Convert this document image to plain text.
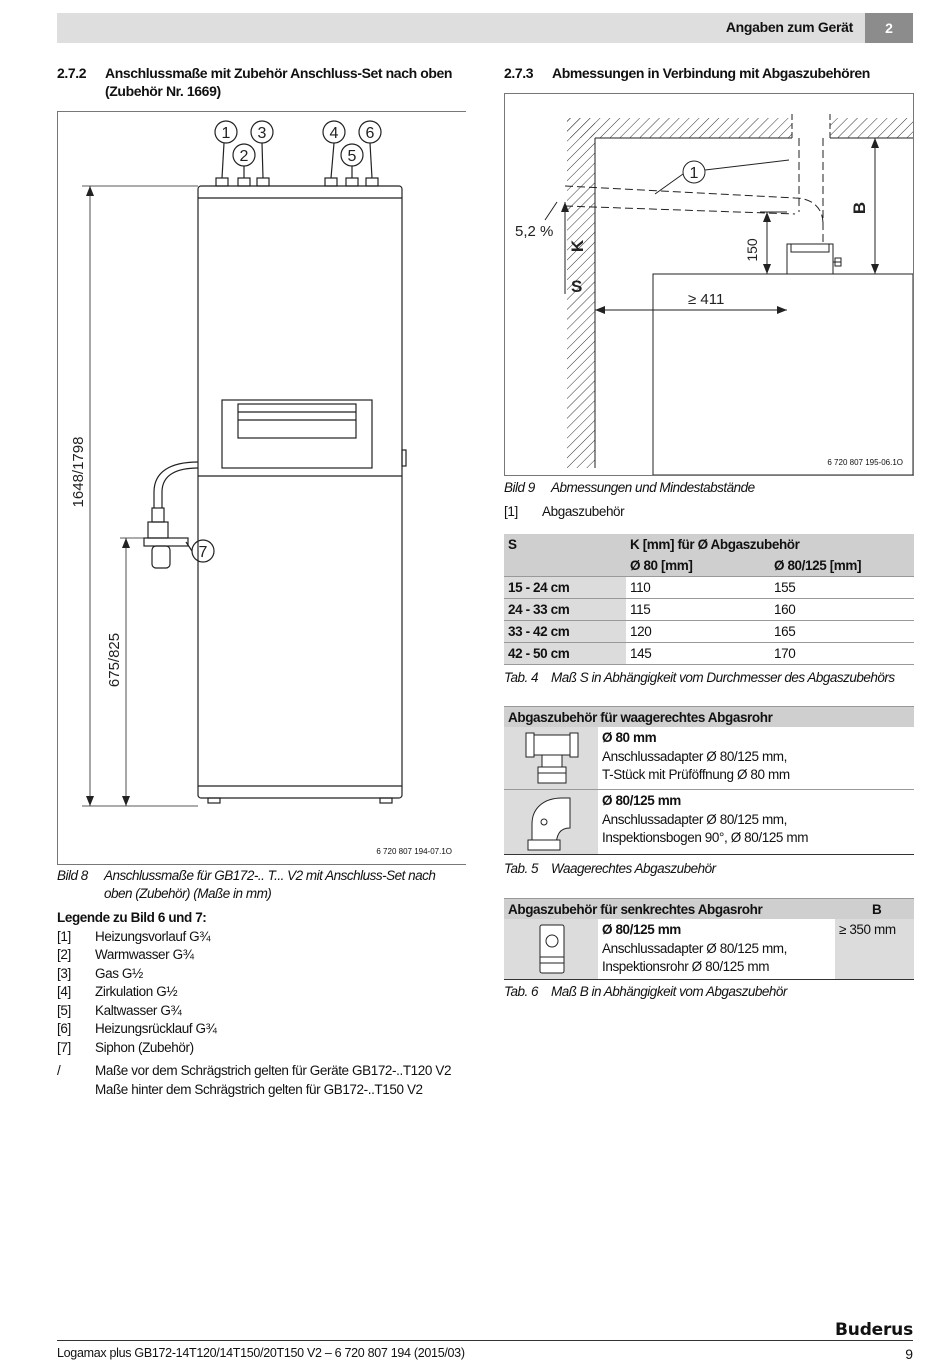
Angaben zum Gerät	2
2.7.2 Anschlussmaße mit Zubehör Anschluss-Set nach oben
(Zubehör Nr. 1669)
1 3
2
4 6
5
7
1648/1798
675/825
6 720 807 194-07.1O
Bild 8 Anschlussmaße für GB172-.. T... V2 mit Anschluss-Set nach
oben (Zubehör) (Maße in mm)
Legende zu Bild 6 und 7:
[1] Heizungsvorlauf G¾
[2] Warmwasser G¾
[3] Gas G½
[4] Zirkulation G½
[5] Kaltwasser G¾
[6] Heizungsrücklauf G¾
[7] Siphon (Zubehör)
/	Maße vor dem Schrägstrich gelten für Geräte GB172-..T120 V2
Maße hinter dem Schrägstrich gelten für GB172-..T150 V2
2.7.3 Abmessungen in Verbindung mit Abgaszubehören
5,2 %
1
≥ 411
150
K
S
B
6 720 807 195-06.1O
Bild 9 Abmessungen und Mindestabstände
[1] Abgaszubehör
S	K [mm] für Ø Abgaszubehör	
	Ø 80 [mm]	Ø 80/125 [mm]
15 - 24 cm	110	155
24 - 33 cm	115	160
33 - 42 cm	120	165
42 - 50 cm	145	170
Tab. 4 Maß S in Abhängigkeit vom Durchmesser des Abgaszubehörs
Abgaszubehör für waagerechtes Abgasrohr
Ø 80 mm
Anschlussadapter Ø 80/125 mm,
T-Stück mit Prüföffnung Ø 80 mm
Ø 80/125 mm
Anschlussadapter Ø 80/125 mm,
Inspektionsbogen 90°, Ø 80/125 mm
Tab. 5 Waagerechtes Abgaszubehör
Abgaszubehör für senkrechtes Abgasrohr	B
Ø 80/125 mm
Anschlussadapter Ø 80/125 mm,
Inspektionsrohr Ø 80/125 mm
≥ 350 mm
Tab. 6 Maß B in Abhängigkeit vom Abgaszubehör
Logamax plus GB172-14T120/14T150/20T150 V2 – 6 720 807 194 (2015/03)
Buderus
9
